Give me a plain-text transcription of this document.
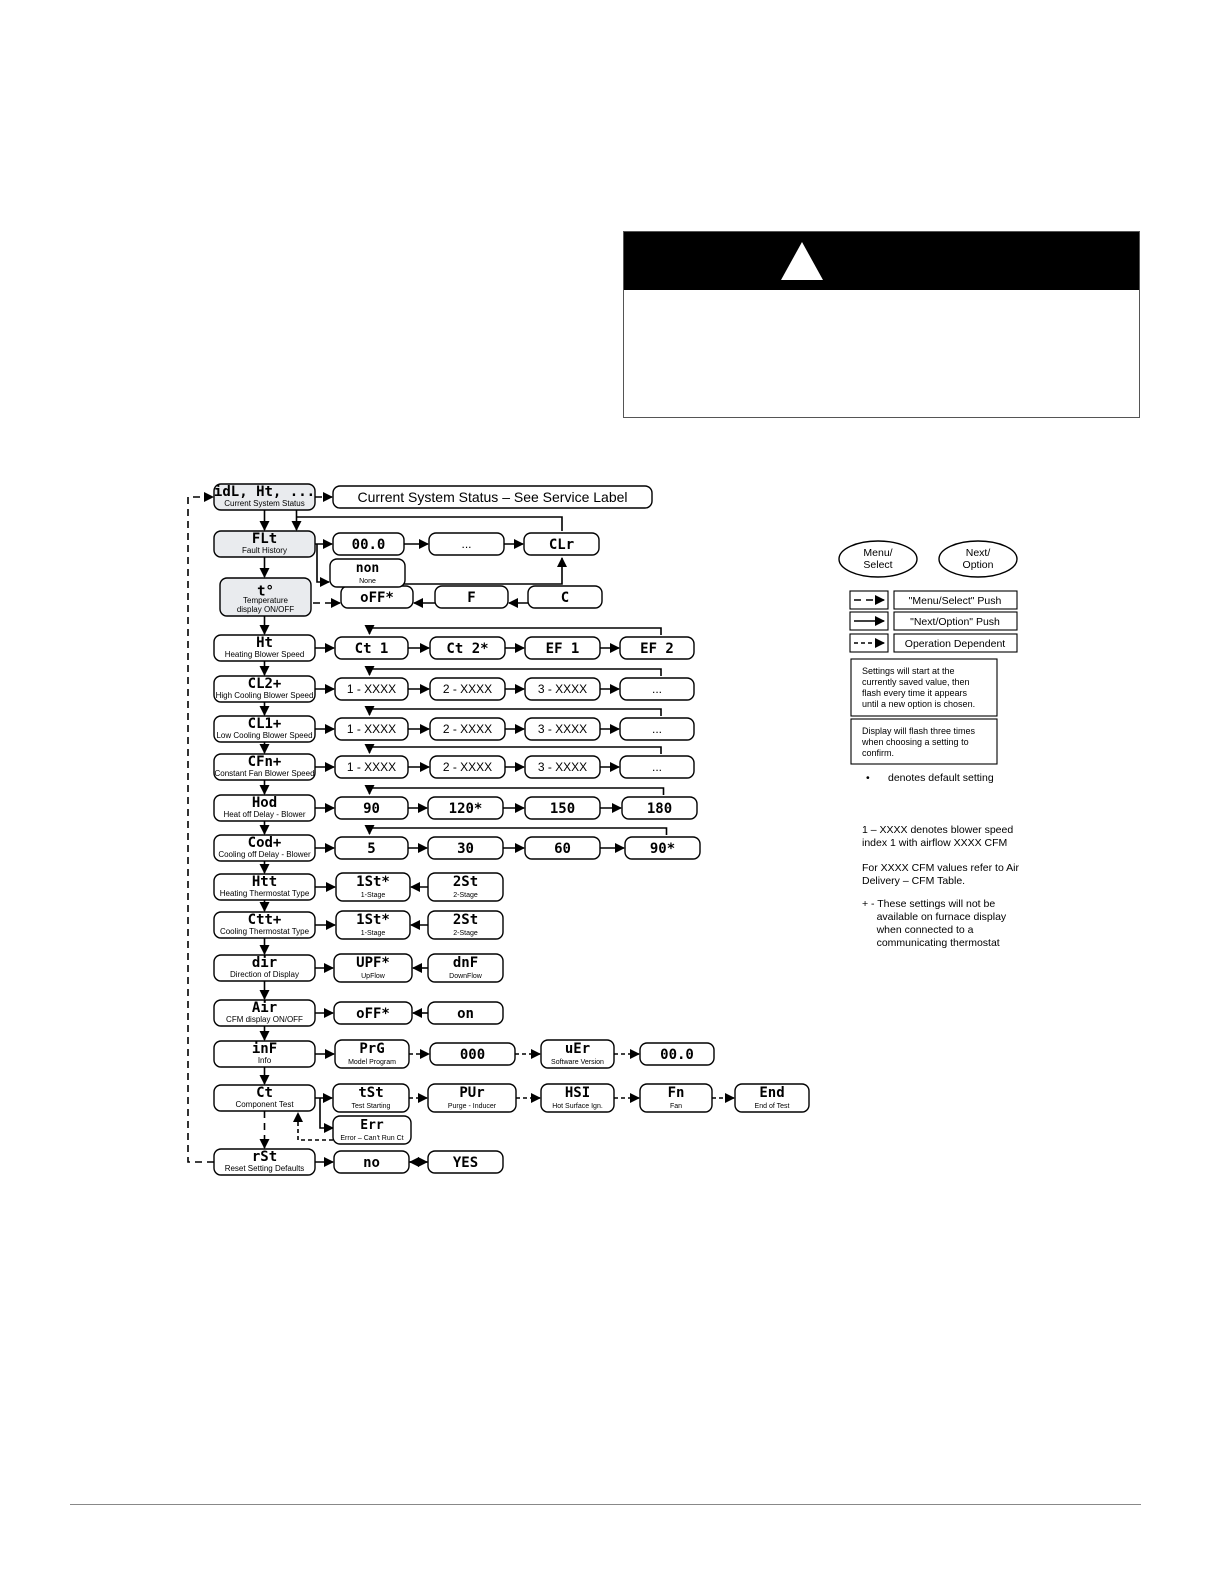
idL, Ht, ...
Current System Status
FLt
Fault History
t°
Temperature
display ON/OFF
Ht
Heating Blower Speed
CL2+
High Cooling Blower Speed
CL1+
Low Cooling Blower Speed
CFn+
Constant Fan Blower Speed
Hod
Heat off Delay - Blower
Cod+
Cooling off Delay - Blower
Htt
Heating Thermostat Type
Ctt+
Cooling Thermostat Type
dir
Direction of Display
Air
CFM display ON/OFF
inF
Info
Ct
Component Test
rSt
Reset Setting Defaults
Current System Status – See Service Label
00.0	...	CLr
oFF*	F	C
Ct 1	Ct 2*	EF 1	EF 2
1 - XXXX	2 - XXXX	3 - XXXX	...
1 - XXXX	2 - XXXX	3 - XXXX	...
1 - XXXX	2 - XXXX	3 - XXXX	...
90	120*	150	180
5	30	60	90*
1St*
1-Stage
2St
2-Stage
1St*
1-Stage
2St
2-Stage
UPF*
UpFlow
dnF
DownFlow
oFF*	on
PrG
Model Program	000	uEr
Software Version	00.0
tSt
Test Starting
PUr
Purge - Inducer
HSI
Hot Surface Ign.
Fn
Fan
End
End of Test
no	YES
non
None
Err
Error – Can't Run Ct
Menu/
Select
Next/
Option
"Menu/Select" Push
"Next/Option" Push
Operation Dependent
Settings will start at the
currently saved value, then
flash every time it appears
until a new option is chosen.
Display will flash three times
when choosing a setting to
confirm.
• denotes default setting
1 – XXXX denotes blower speed
index 1 with airflow XXXX CFM
For XXXX CFM values refer to Air
Delivery – CFM Table.
+ - These settings will not be
available on furnace display
when connected to a
communicating thermostat
